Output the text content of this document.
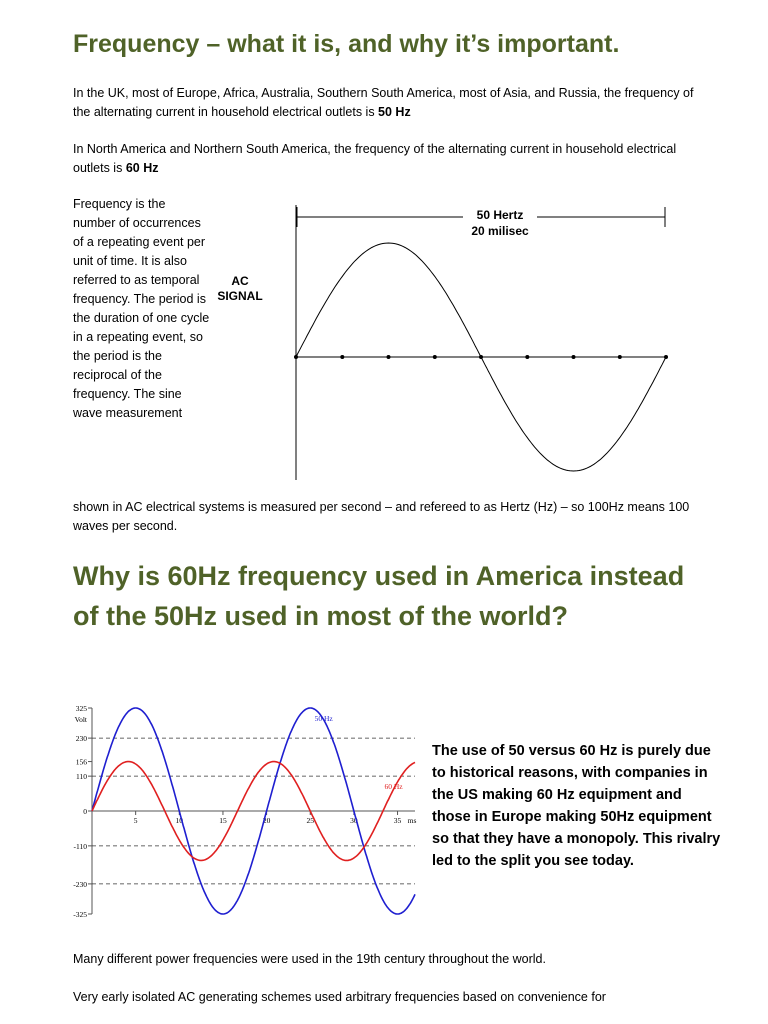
Frequency – what it is, and why it’s important.

In the UK, most of Europe, Africa, Australia, Southern South America, most of Asia, and Russia, the frequency of the alternating current in household electrical outlets is 50 Hz

In North America and Northern South America, the frequency of the alternating current in household electrical outlets is 60 Hz

Frequency is the number of occurrences of a repeating event per unit of time. It is also referred to as temporal frequency. The period is the duration of one cycle in a repeating event, so the period is the reciprocal of the frequency. The sine wave measurement

AC
SIGNAL
50 Hertz
20 milisec

shown in AC electrical systems is measured per second – and refereed to as Hertz (Hz) – so 100Hz means 100 waves per second.

Why is 60Hz frequency used in America instead of the 50Hz used in most of the world?
325
230
156
110
0
-110
-230
-325
Volt
5	10	15	20	25	30	35 ms
50 Hz
60 Hz

The use of 50 versus 60 Hz is purely due to historical reasons, with companies in the US making 60 Hz equipment and those in Europe making 50Hz equipment so that they have a monopoly. This rivalry led to the split you see today.

Many different power frequencies were used in the 19th century throughout the world.

Very early isolated AC generating schemes used arbitrary frequencies based on convenience for
